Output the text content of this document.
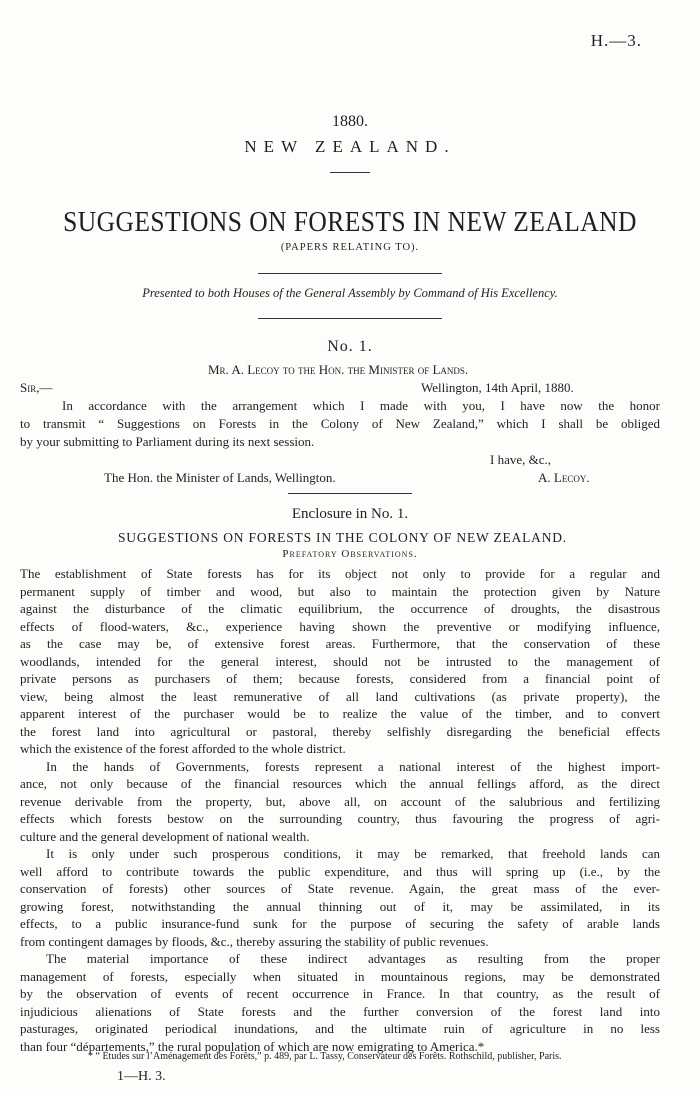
H.—3.
1880.
NEW ZEALAND.
SUGGESTIONS ON FORESTS IN NEW ZEALAND
(PAPERS RELATING TO).
Presented to both Houses of the General Assembly by Command of His Excellency.
No. 1.
Mr. A. Lecoy to the Hon. the Minister of Lands.
Sir,—	Wellington, 14th April, 1880.
In accordance with the arrangement which I made with you, I have now the honor
to transmit “ Suggestions on Forests in the Colony of New Zealand,” which I shall be obliged
by your submitting to Parliament during its next session.
I have, &c.,
The Hon. the Minister of Lands, Wellington.	A. Lecoy.
Enclosure in No. 1.
SUGGESTIONS ON FORESTS IN THE COLONY OF NEW ZEALAND.
Prefatory Observations.
The establishment of State forests has for its object not only to provide for a regular and
permanent supply of timber and wood, but also to maintain the protection given by Nature
against the disturbance of the climatic equilibrium, the occurrence of droughts, the disastrous
effects of flood-waters, &c., experience having shown the preventive or modifying influence,
as the case may be, of extensive forest areas. Furthermore, that the conservation of these
woodlands, intended for the general interest, should not be intrusted to the management of
private persons as purchasers of them; because forests, considered from a financial point of
view, being almost the least remunerative of all land cultivations (as private property), the
apparent interest of the purchaser would be to realize the value of the timber, and to convert
the forest land into agricultural or pastoral, thereby selfishly disregarding the beneficial effects
which the existence of the forest afforded to the whole district.
In the hands of Governments, forests represent a national interest of the highest import-
ance, not only because of the financial resources which the annual fellings afford, as the direct
revenue derivable from the property, but, above all, on account of the salubrious and fertilizing
effects which forests bestow on the surrounding country, thus favouring the progress of agri-
culture and the general development of national wealth.
It is only under such prosperous conditions, it may be remarked, that freehold lands can
well afford to contribute towards the public expenditure, and thus will spring up (i.e., by the
conservation of forests) other sources of State revenue. Again, the great mass of the ever-
growing forest, notwithstanding the annual thinning out of it, may be assimilated, in its
effects, to a public insurance-fund sunk for the purpose of securing the safety of arable lands
from contingent damages by floods, &c., thereby assuring the stability of public revenues.
The material importance of these indirect advantages as resulting from the proper
management of forests, especially when situated in mountainous regions, may be demonstrated
by the observation of events of recent occurrence in France. In that country, as the result of
injudicious alienations of State forests and the further conversion of the forest land into
pasturages, originated periodical inundations, and the ultimate ruin of agriculture in no less
than four “départements,” the rural population of which are now emigrating to America.*
* “ Études sur l’Aménagement des Forêts,” p. 489, par L. Tassy, Conservateur des Forêts. Rothschild, publisher, Paris.
1—H. 3.
